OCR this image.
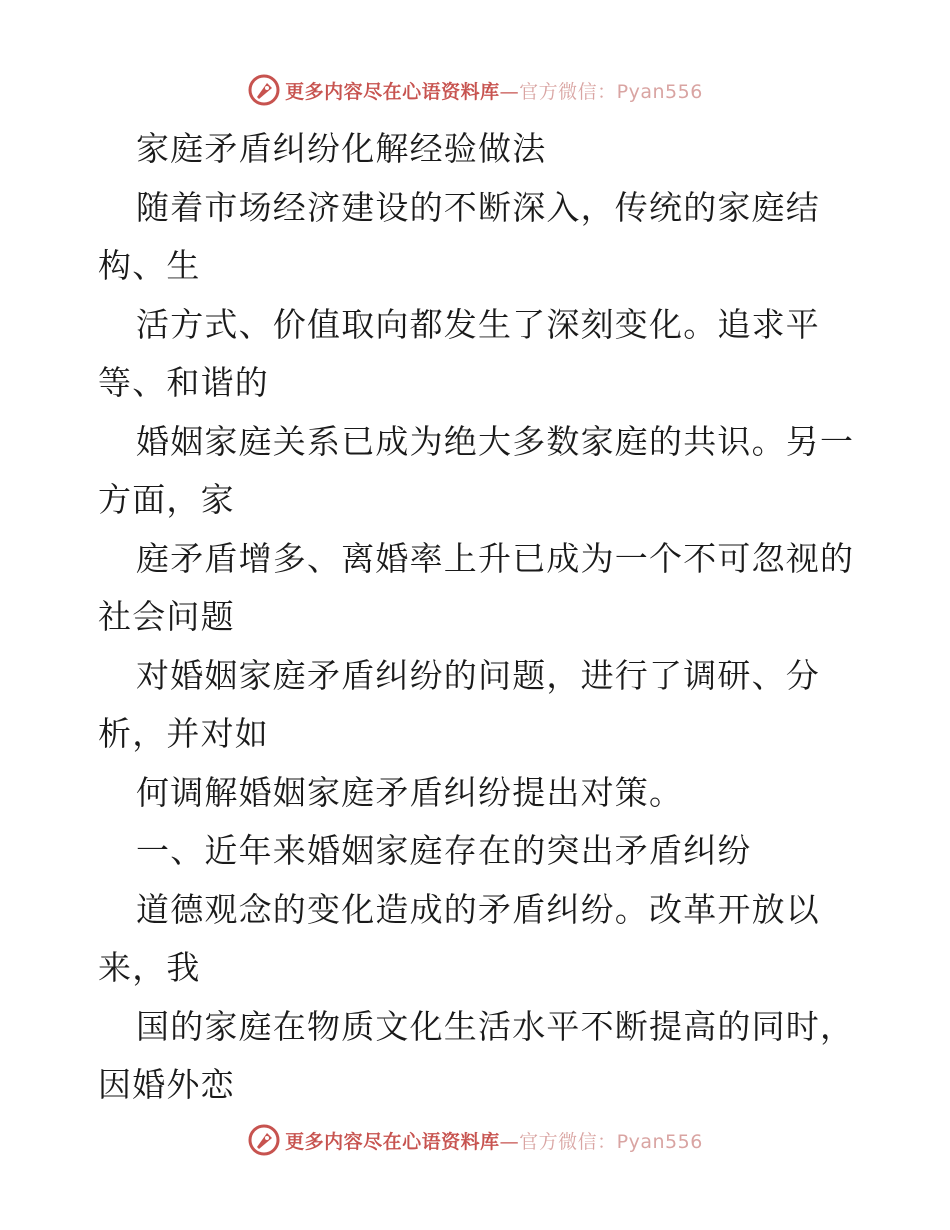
更多内容尽在心语资料库—官方微信：Pyan556
家庭矛盾纠纷化解经验做法
随着市场经济建设的不断深入，传统的家庭结
构、生
活方式、价值取向都发生了深刻变化。追求平
等、和谐的
婚姻家庭关系已成为绝大多数家庭的共识。另一
方面，家
庭矛盾增多、离婚率上升已成为一个不可忽视的
社会问题
对婚姻家庭矛盾纠纷的问题，进行了调研、分
析，并对如
何调解婚姻家庭矛盾纠纷提出对策。
一、近年来婚姻家庭存在的突出矛盾纠纷
道德观念的变化造成的矛盾纠纷。改革开放以
来，我
国的家庭在物质文化生活水平不断提高的同时，
因婚外恋
更多内容尽在心语资料库—官方微信：Pyan556
